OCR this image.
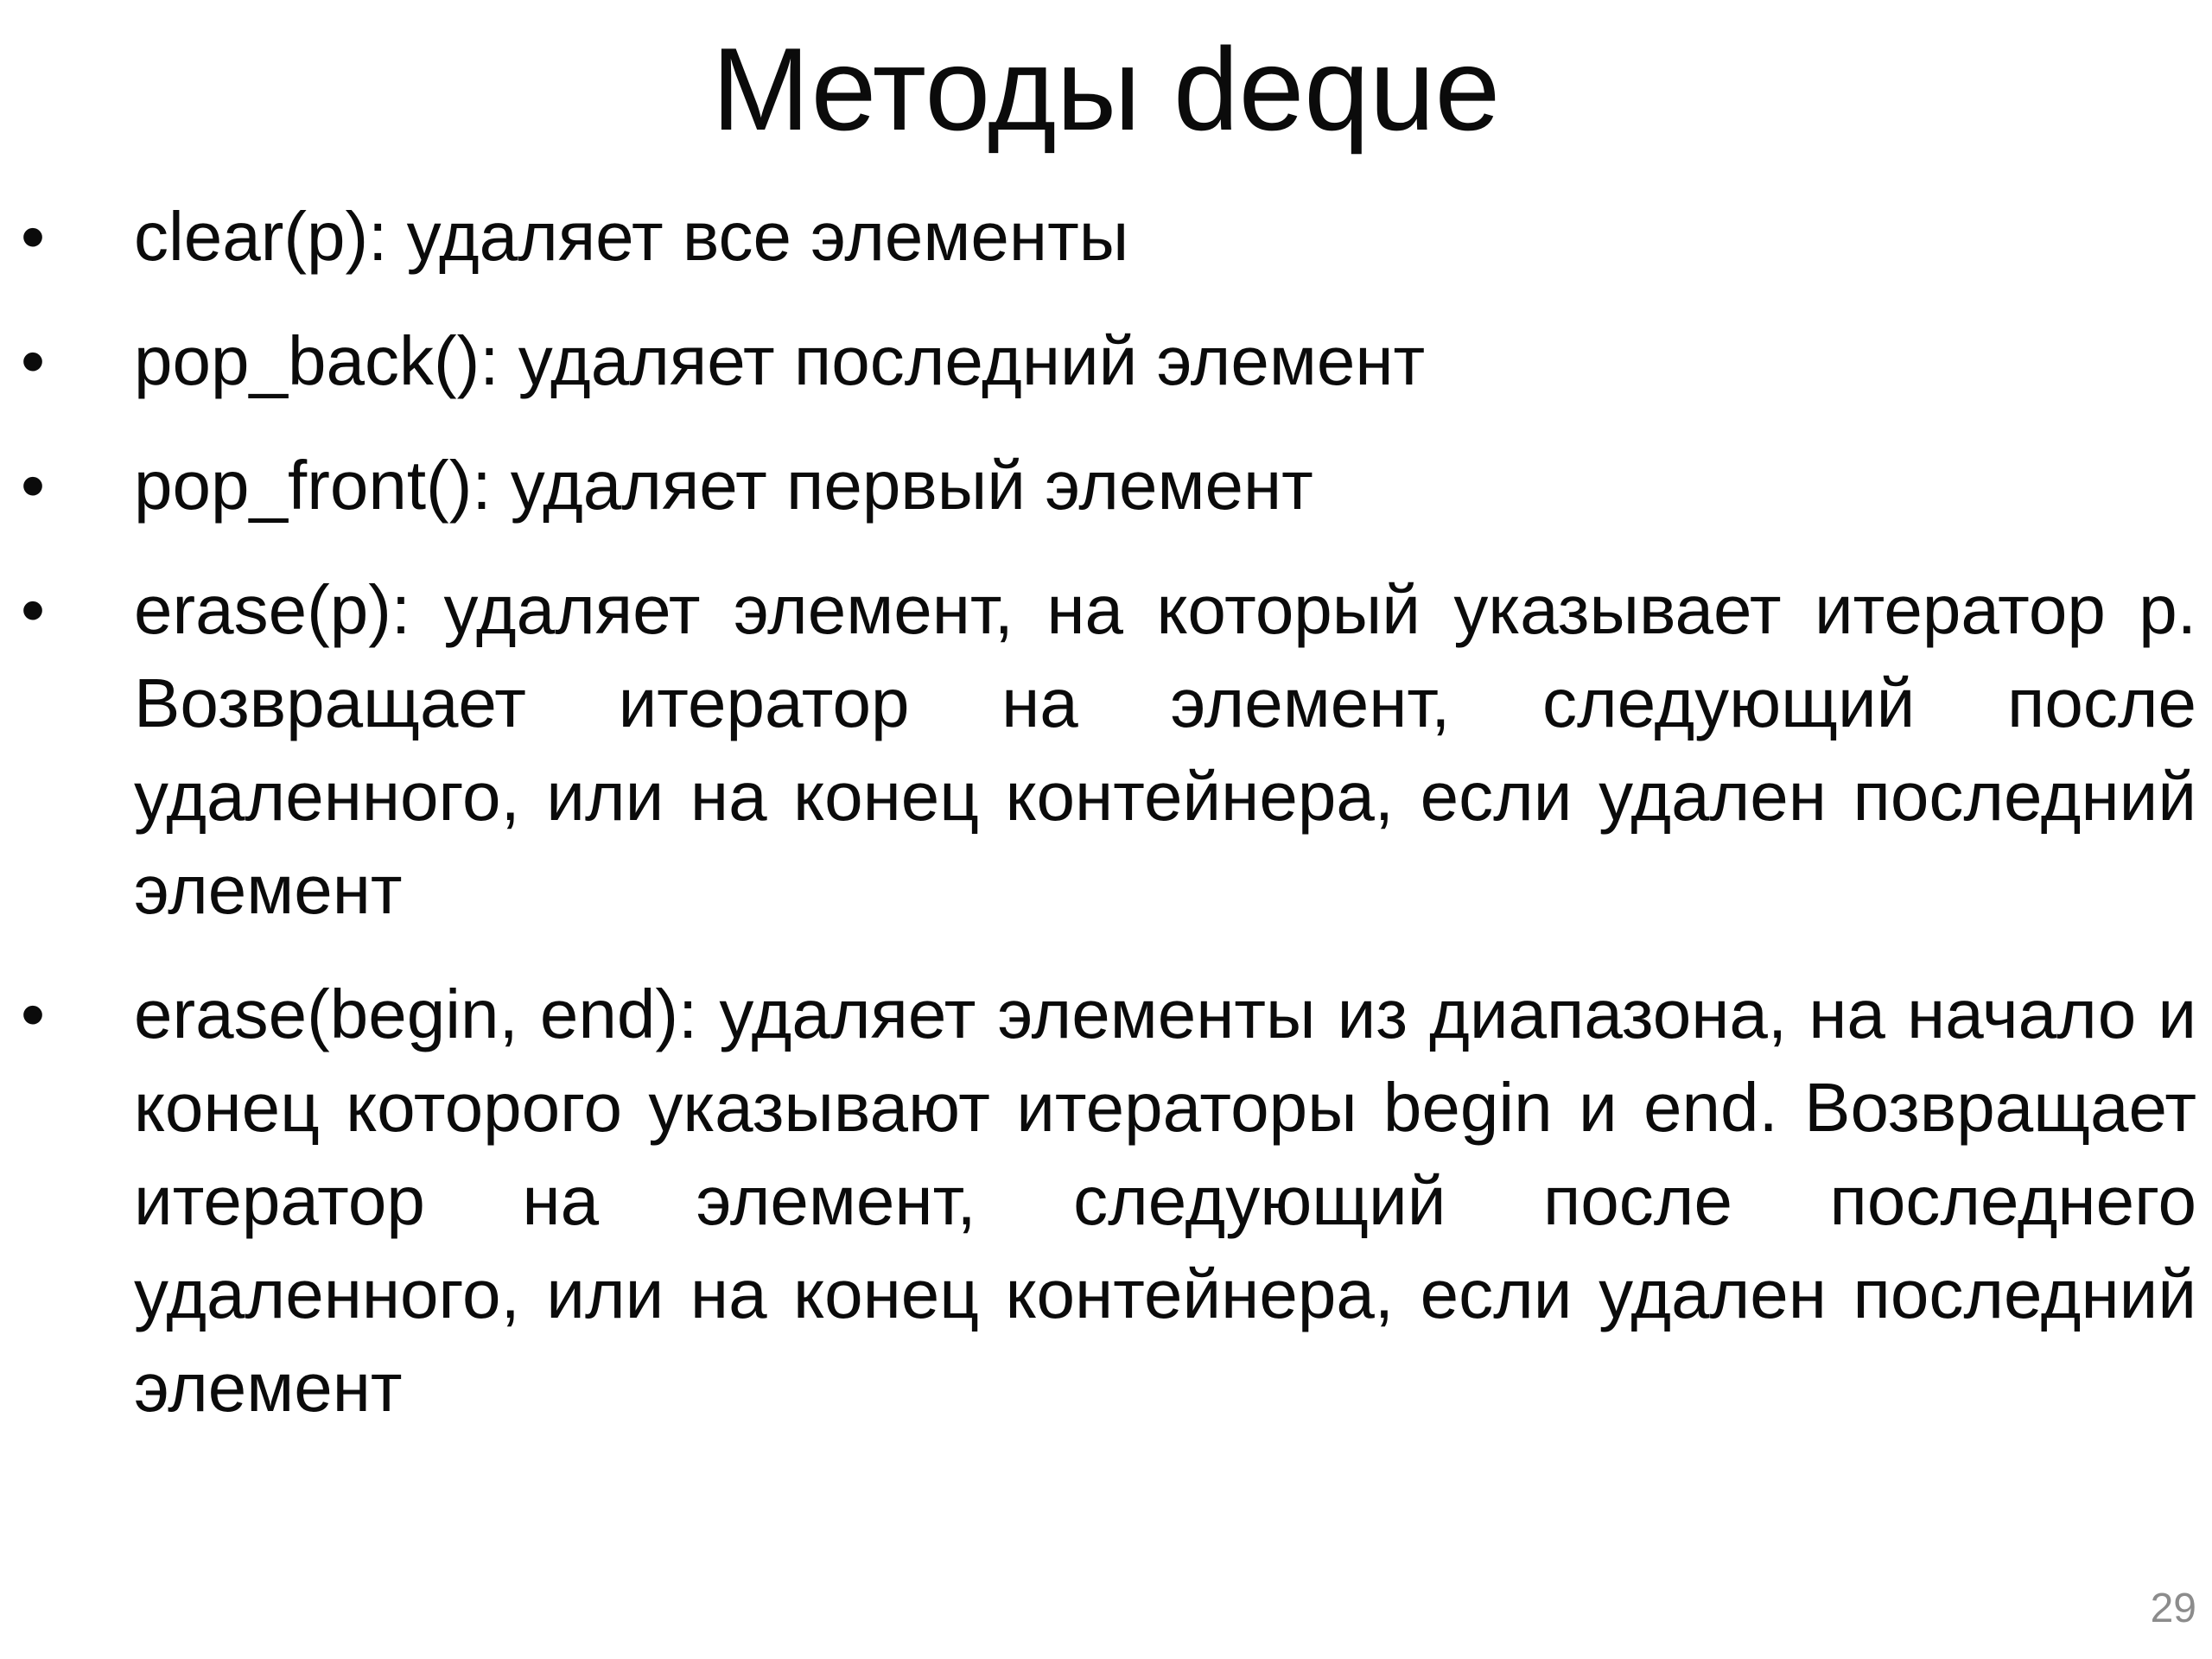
Методы deque
• clear(p): удаляет все элементы
• pop_back(): удаляет последний элемент
• pop_front(): удаляет первый элемент
• erase(p): удаляет элемент, на который указывает итератор p. Возвращает итератор на элемент, следующий после удаленного, или на конец контейнера, если удален последний элемент
• erase(begin, end): удаляет элементы из диапазона, на начало и конец которого указывают итераторы begin и end. Возвращает итератор на элемент, следующий после последнего удаленного, или на конец контейнера, если удален последний элемент
29
